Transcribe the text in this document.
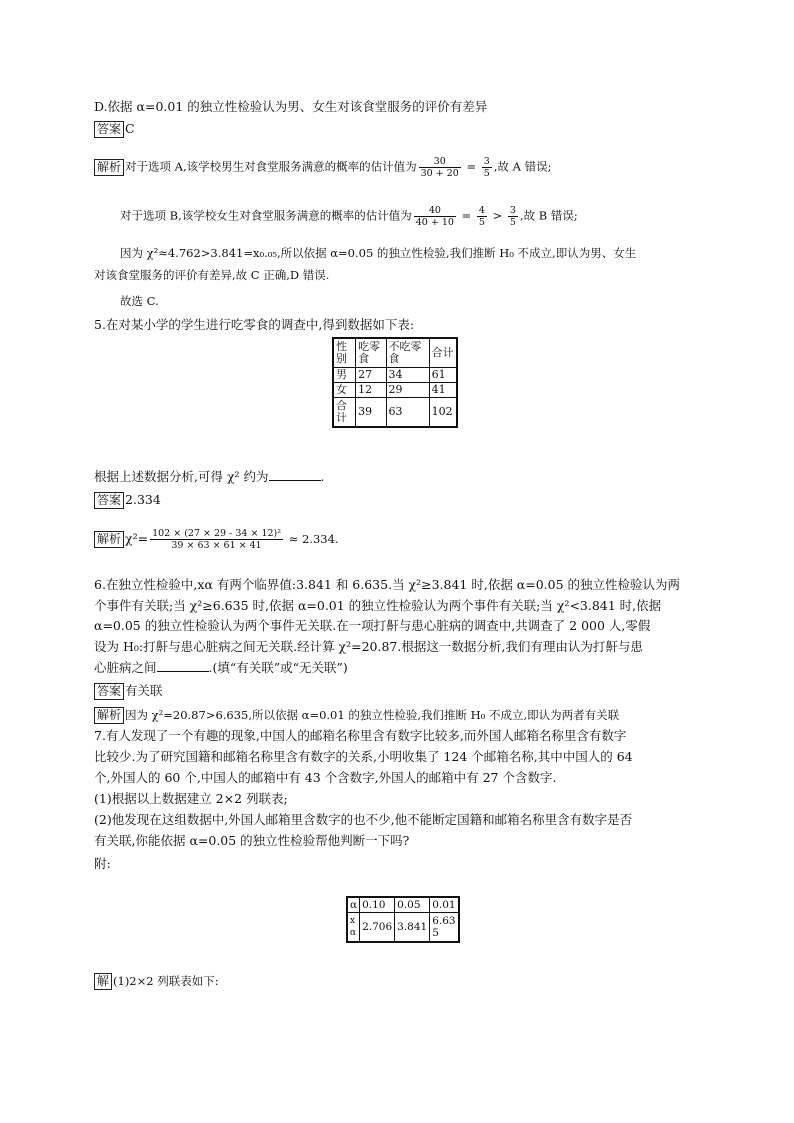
D.依据 α=0.01 的独立性检验认为男、女生对该食堂服务的评价有差异
答案 C
解析 对于选项 A,该学校男生对食堂服务满意的概率的估计值为 $\frac{30}{30 + 20} = \frac{3}{5}$ ,故 A 错误;
对于选项 B,该学校女生对食堂服务满意的概率的估计值为 $\frac{40}{40 + 10} = \frac{4}{5} > \frac{3}{5}$ ,故 B 错误;
因为 χ²≈4.762>3.841=x₀.₀₅,所以依据 α=0.05 的独立性检验,我们推断 H₀ 不成立,即认为男、女生
对该食堂服务的评价有差异,故 C 正确,D 错误.
故选 C.
5.在对某小学的学生进行吃零食的调查中,得到数据如下表:
性别	吃零食	不吃零食	合计
男	27	34	61
女	12	29	41
合计	39	63	102
根据上述数据分析,可得 χ² 约为	.
答案 2.334
解析 $\chi^2= \frac{\text{102 × (27 × 29 - 34 × 12)²}}{39 \times 63 \times 61 \times 41} \approx 2.334$.
6.在独立性检验中,xα 有两个临界值:3.841 和 6.635.当 χ²≥3.841 时,依据 α=0.05 的独立性检验认为两
个事件有关联;当 χ²≥6.635 时,依据 α=0.01 的独立性检验认为两个事件有关联;当 χ²<3.841 时,依据
α=0.05 的独立性检验认为两个事件无关联.在一项打鼾与患心脏病的调查中,共调查了 2 000 人,零假
设为 H₀:打鼾与患心脏病之间无关联.经计算 χ²=20.87.根据这一数据分析,我们有理由认为打鼾与患
心脏病之间	.(填“有关联”或“无关联”)
答案 有关联
解析 因为 χ²=20.87>6.635,所以依据 α=0.01 的独立性检验,我们推断 H₀ 不成立,即认为两者有关联
7.有人发现了一个有趣的现象,中国人的邮箱名称里含有数字比较多,而外国人邮箱名称里含有数字
比较少.为了研究国籍和邮箱名称里含有数字的关系,小明收集了 124 个邮箱名称,其中中国人的 64
个,外国人的 60 个,中国人的邮箱中有 43 个含数字,外国人的邮箱中有 27 个含数字.
(1)根据以上数据建立 2×2 列联表;
(2)他发现在这组数据中,外国人邮箱里含数字的也不少,他不能断定国籍和邮箱名称里含有数字是否
有关联,你能依据 α=0.05 的独立性检验帮他判断一下吗?
附:
α	0.10	0.05	0.01
xα	2.706	3.841	6.635
解 (1)2×2 列联表如下:
